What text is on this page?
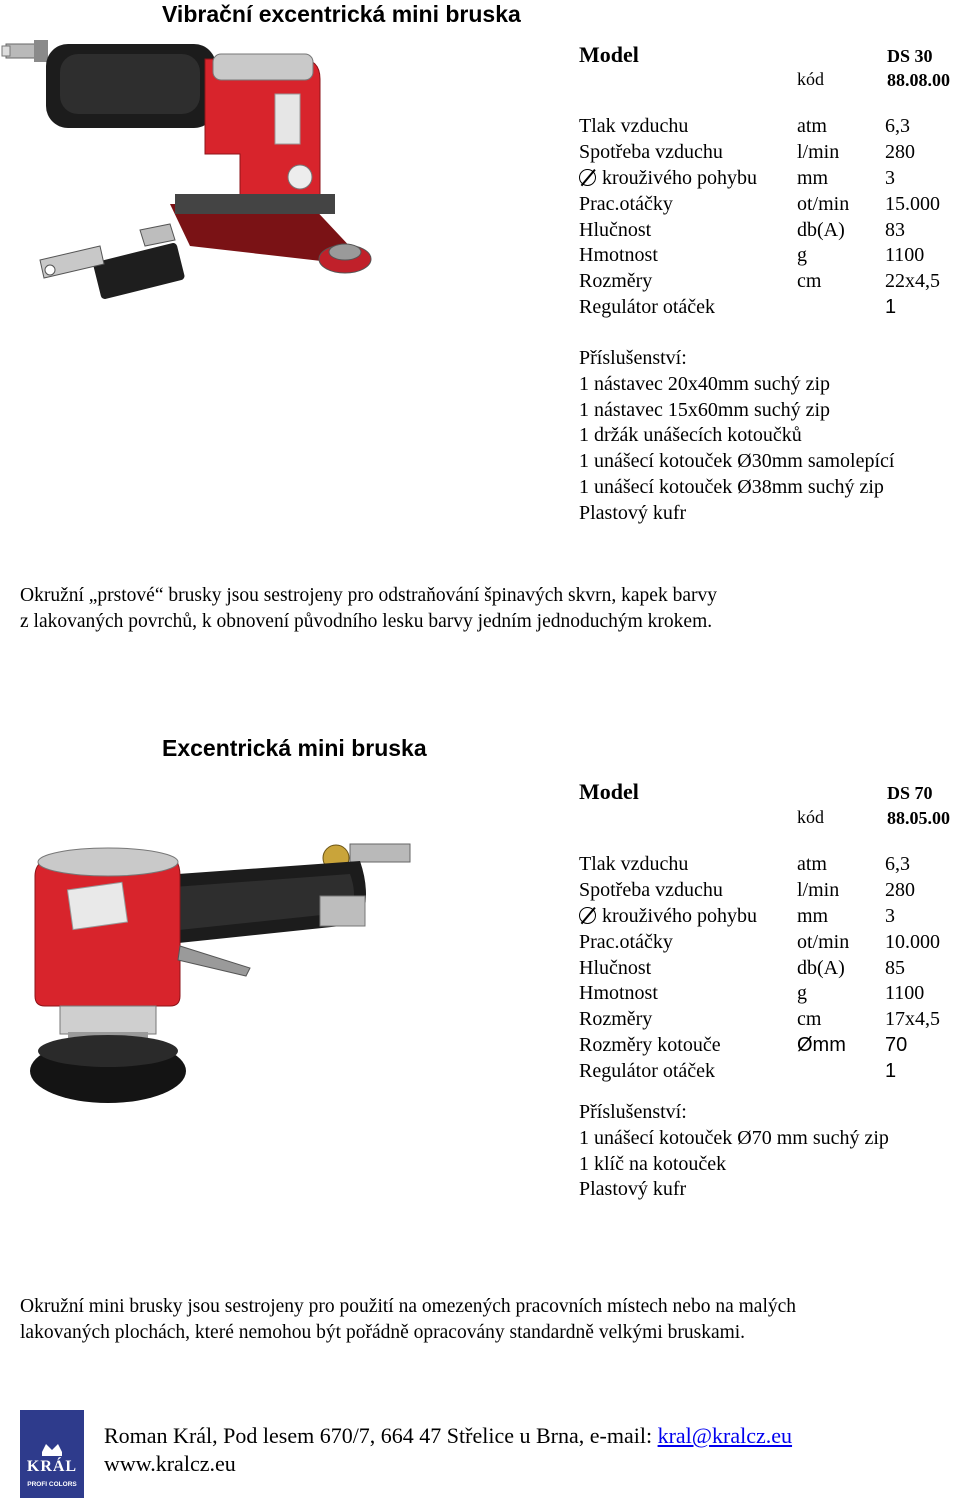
Vibrační excentrická mini bruska
Model	DS 30
kód	88.08.00
Tlak vzduchu	atm	6,3
Spotřeba vzduchu	l/min 280
krouživého pohybu mm	3
Prac.otáčky	ot/min 15.000
Hlučnost	db(A) 83
Hmotnost	g	1100
Rozměry	cm	22x4,5
Regulátor otáček	1
Příslušenství:
1 nástavec 20x40mm suchý zip
1 nástavec 15x60mm suchý zip
1 držák unášecích kotoučků
1 unášecí kotouček Ø30mm samolepící
1 unášecí kotouček Ø38mm suchý zip
Plastový kufr
Okružní „prstové“ brusky jsou sestrojeny pro odstraňování špinavých skvrn, kapek barvy
z lakovaných povrchů, k obnovení původního lesku barvy jedním jednoduchým krokem.
Excentrická mini bruska
Model	DS 70
kód	88.05.00
Tlak vzduchu	atm	6,3
Spotřeba vzduchu	l/min 280
krouživého pohybu mm	3
Prac.otáčky	ot/min 10.000
Hlučnost	db(A) 85
Hmotnost	g	1100
Rozměry	cm	17x4,5
Rozměry kotouče	Ømm 70
Regulátor otáček	1
Příslušenství:
1 unášecí kotouček Ø70 mm suchý zip
1 klíč na kotouček
Plastový kufr
Okružní mini brusky jsou sestrojeny pro použití na omezených pracovních místech nebo na malých
lakovaných plochách, které nemohou být pořádně opracovány standardně velkými bruskami.
KRÁL
PROFI COLORS
Roman Král, Pod lesem 670/7, 664 47 Střelice u Brna, e-mail: kral@kralcz.eu
www.kralcz.eu
